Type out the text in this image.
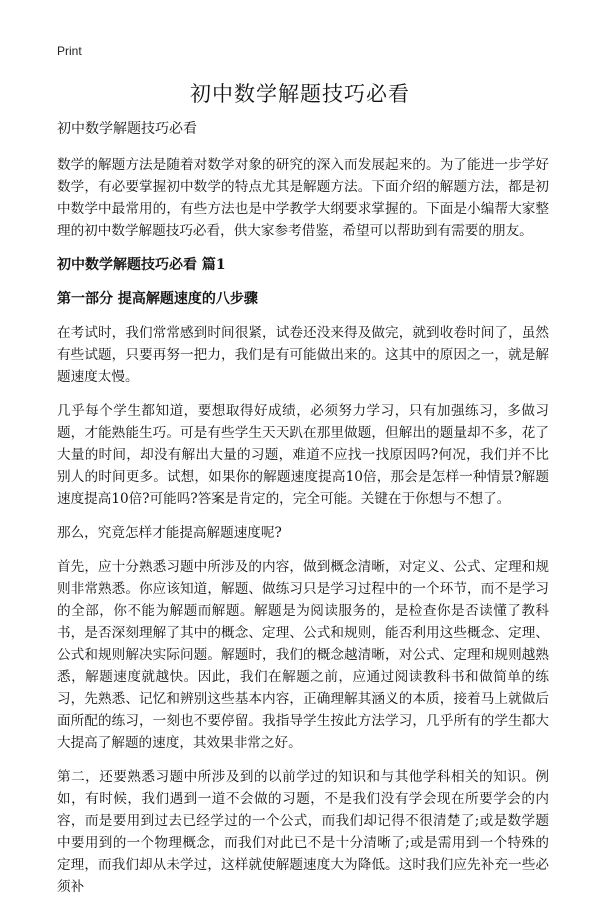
Print
初中数学解题技巧必看
初中数学解题技巧必看

数学的解题方法是随着对数学对象的研究的深入而发展起来的。为了能进一步学好数学，有必要掌握初中数学的特点尤其是解题方法。下面介绍的解题方法，都是初中数学中最常用的，有些方法也是中学教学大纲要求掌握的。下面是小编帮大家整理的初中数学解题技巧必看，供大家参考借鉴，希望可以帮助到有需要的朋友。

初中数学解题技巧必看 篇1
第一部分 提高解题速度的八步骤

在考试时，我们常常感到时间很紧，试卷还没来得及做完，就到收卷时间了，虽然有些试题，只要再努一把力，我们是有可能做出来的。这其中的原因之一，就是解题速度太慢。

几乎每个学生都知道，要想取得好成绩，必须努力学习，只有加强练习，多做习题，才能熟能生巧。可是有些学生天天趴在那里做题，但解出的题量却不多，花了大量的时间，却没有解出大量的习题，难道不应找一找原因吗?何况，我们并不比别人的时间更多。试想，如果你的解题速度提高10倍，那会是怎样一种情景?解题速度提高10倍?可能吗?答案是肯定的，完全可能。关键在于你想与不想了。

那么，究竟怎样才能提高解题速度呢?

首先，应十分熟悉习题中所涉及的内容，做到概念清晰，对定义、公式、定理和规则非常熟悉。你应该知道，解题、做练习只是学习过程中的一个环节，而不是学习的全部，你不能为解题而解题。解题是为阅读服务的，是检查你是否读懂了教科书，是否深刻理解了其中的概念、定理、公式和规则，能否利用这些概念、定理、公式和规则解决实际问题。解题时，我们的概念越清晰，对公式、定理和规则越熟悉，解题速度就越快。因此，我们在解题之前，应通过阅读教科书和做简单的练习，先熟悉、记忆和辨别这些基本内容，正确理解其涵义的本质，接着马上就做后面所配的练习，一刻也不要停留。我指导学生按此方法学习，几乎所有的学生都大大提高了解题的速度，其效果非常之好。

第二，还要熟悉习题中所涉及到的以前学过的知识和与其他学科相关的知识。例如，有时候，我们遇到一道不会做的习题，不是我们没有学会现在所要学会的内容，而是要用到过去已经学过的一个公式，而我们却记得不很清楚了;或是数学题中要用到的一个物理概念，而我们对此已不是十分清晰了;或是需用到一个特殊的定理，而我们却从未学过，这样就使解题速度大为降低。这时我们应先补充一些必须补
